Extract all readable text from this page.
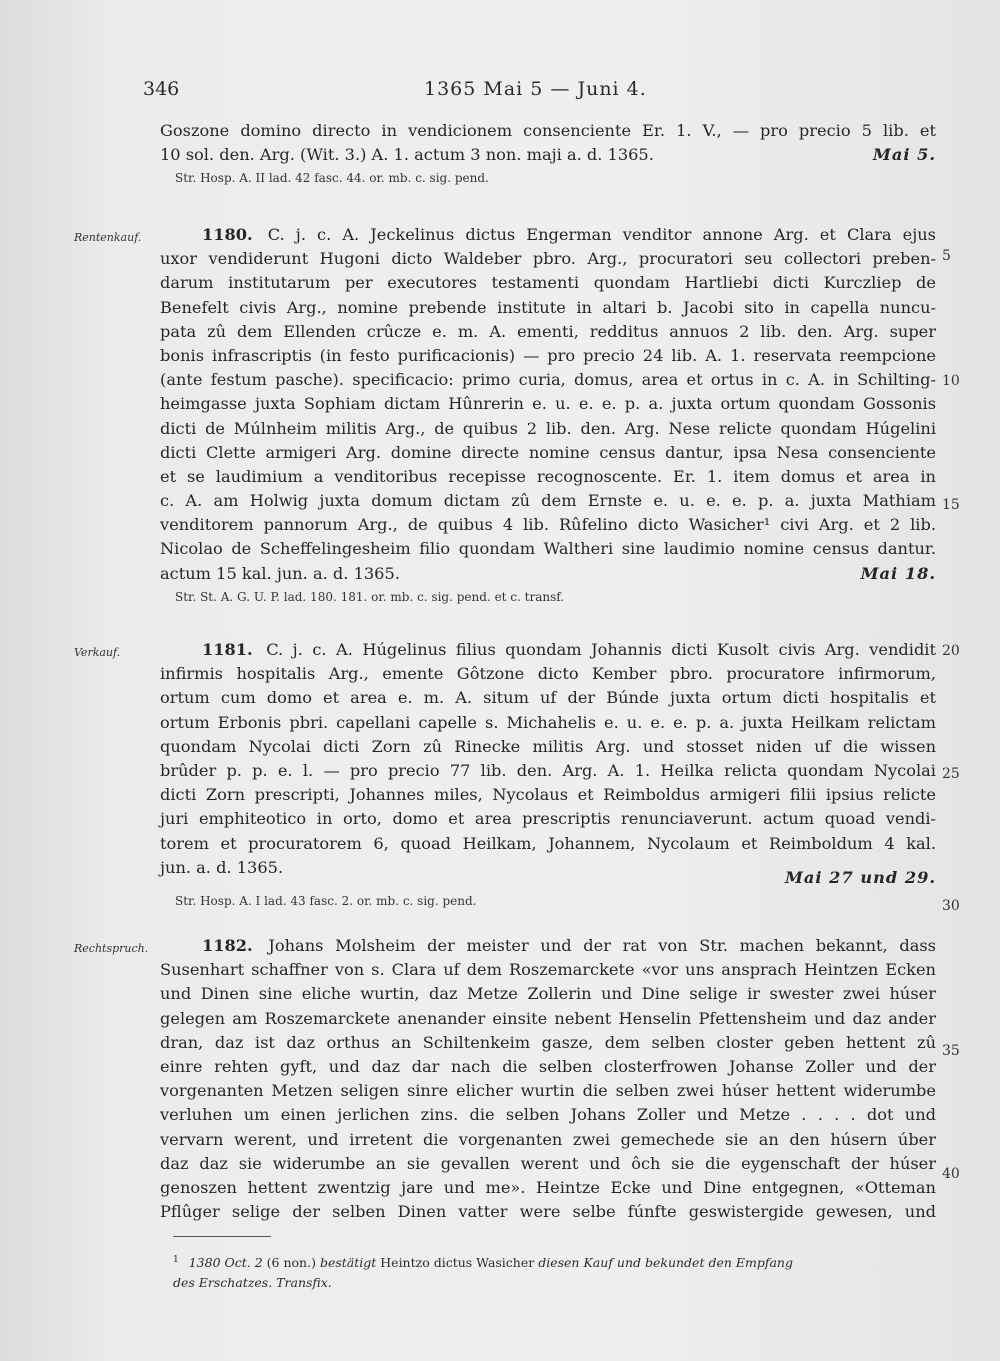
346	1365 Mai 5 — Juni 4.
Goszone domino directo in vendicionem consenciente Er. 1. V., — pro precio 5 lib. et
10 sol. den. Arg. (Wit. 3.) A. 1. actum 3 non. maji a. d. 1365.	Mai 5.
Str. Hosp. A. II lad. 42 fasc. 44. or. mb. c. sig. pend.
Rentenkauf.	1180. C. j. c. A. Jeckelinus dictus Engerman venditor annone Arg. et Clara ejus
uxor vendiderunt Hugoni dicto Waldeber pbro. Arg., procuratori seu collectori preben-
darum institutarum per executores testamenti quondam Hartliebi dicti Kurczliep de
Benefelt civis Arg., nomine prebende institute in altari b. Jacobi sito in capella nuncu-
pata zû dem Ellenden crûcze e. m. A. ementi, redditus annuos 2 lib. den. Arg. super
bonis infrascriptis (in festo purificacionis) — pro precio 24 lib. A. 1. reservata reempcione
(ante festum pasche). specificacio: primo curia, domus, area et ortus in c. A. in Schilting-
heimgasse juxta Sophiam dictam Hûnrerin e. u. e. e. p. a. juxta ortum quondam Gossonis
dicti de Múlnheim militis Arg., de quibus 2 lib. den. Arg. Nese relicte quondam Húgelini
dicti Clette armigeri Arg. domine directe nomine census dantur, ipsa Nesa consenciente
et se laudimium a venditoribus recepisse recognoscente. Er. 1. item domus et area in
c. A. am Holwig juxta domum dictam zû dem Ernste e. u. e. e. p. a. juxta Mathiam
venditorem pannorum Arg., de quibus 4 lib. Rûfelino dicto Wasicher¹ civi Arg. et 2 lib.
Nicolao de Scheffelingesheim filio quondam Waltheri sine laudimio nomine census dantur.
actum 15 kal. jun. a. d. 1365.	Mai 18.
Str. St. A. G. U. P. lad. 180. 181. or. mb. c. sig. pend. et c. transf.
Verkauf.	1181. C. j. c. A. Húgelinus filius quondam Johannis dicti Kusolt civis Arg. vendidit
infirmis hospitalis Arg., emente Gôtzone dicto Kember pbro. procuratore infirmorum,
ortum cum domo et area e. m. A. situm uf der Búnde juxta ortum dicti hospitalis et
ortum Erbonis pbri. capellani capelle s. Michahelis e. u. e. e. p. a. juxta Heilkam relictam
quondam Nycolai dicti Zorn zû Rinecke militis Arg. und stosset niden uf die wissen
brûder p. p. e. l. — pro precio 77 lib. den. Arg. A. 1. Heilka relicta quondam Nycolai
dicti Zorn prescripti, Johannes miles, Nycolaus et Reimboldus armigeri filii ipsius relicte
juri emphiteotico in orto, domo et area prescriptis renunciaverunt. actum quoad vendi-
torem et procuratorem 6, quoad Heilkam, Johannem, Nycolaum et Reimboldum 4 kal.
jun. a. d. 1365.
Mai 27 und 29.
Str. Hosp. A. I lad. 43 fasc. 2. or. mb. c. sig. pend.
Rechtspruch.	1182. Johans Molsheim der meister und der rat von Str. machen bekannt, dass
Susenhart schaffner von s. Clara uf dem Roszemarckete «vor uns ansprach Heintzen Ecken
und Dinen sine eliche wurtin, daz Metze Zollerin und Dine selige ir swester zwei húser
gelegen am Roszemarckete anenander einsite nebent Henselin Pfettensheim und daz ander
dran, daz ist daz orthus an Schiltenkeim gasze, dem selben closter geben hettent zû
einre rehten gyft, und daz dar nach die selben closterfrowen Johanse Zoller und der
vorgenanten Metzen seligen sinre elicher wurtin die selben zwei húser hettent widerumbe
verluhen um einen jerlichen zins. die selben Johans Zoller und Metze . . . . dot und
vervarn werent, und irretent die vorgenanten zwei gemechede sie an den húsern úber
daz daz sie widerumbe an sie gevallen werent und ôch sie die eygenschaft der húser
genoszen hettent zwentzig jare und me». Heintze Ecke und Dine entgegnen, «Otteman
Pflûger selige der selben Dinen vatter were selbe fúnfte geswistergide gewesen, und
5
10
15
20
25
30
35
40
$^1$ 1380 Oct. 2 (6 non.) bestätigt Heintzo dictus Wasicher diesen Kauf und bekundet den Empfang
des Erschatzes. Transfix.
